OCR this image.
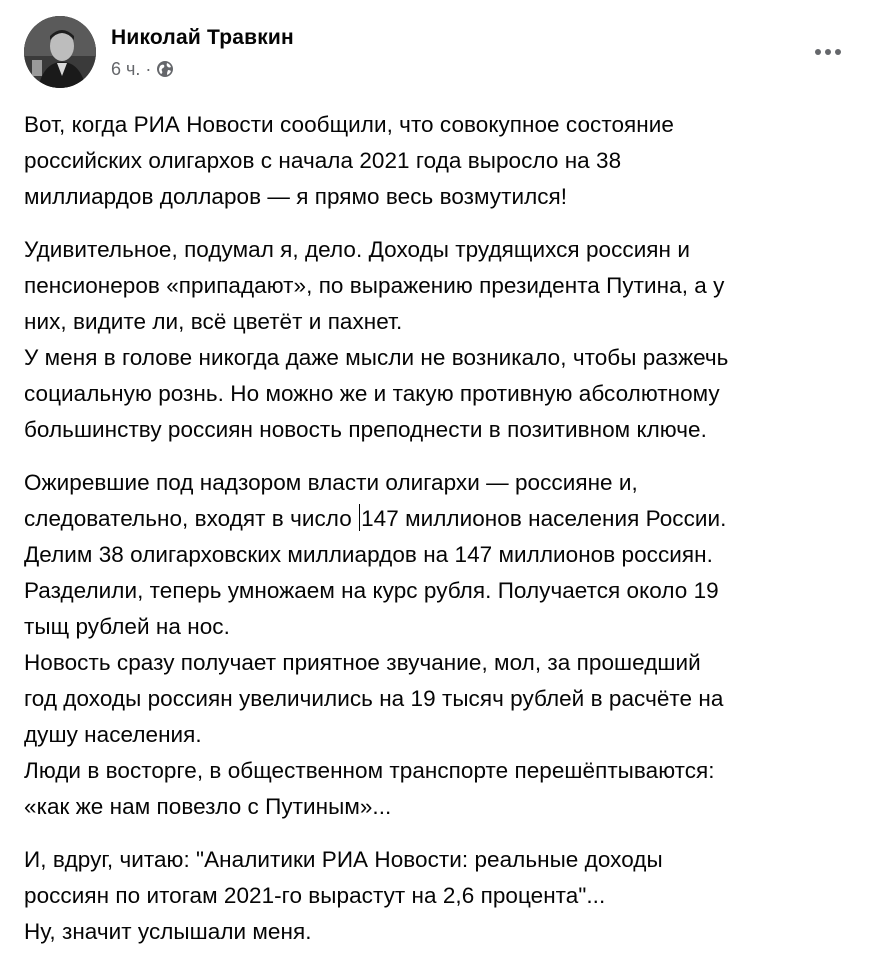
Николай Травкин
6 ч. ·
Вот, когда РИА Новости сообщили, что совокупное состояние
российских олигархов с начала 2021 года выросло на 38
миллиардов долларов — я прямо весь возмутился!
Удивительное, подумал я, дело. Доходы трудящихся россиян и
пенсионеров «припадают», по выражению президента Путина, а у
них, видите ли, всё цветёт и пахнет.
У меня в голове никогда даже мысли не возникало, чтобы разжечь
социальную рознь. Но можно же и такую противную абсолютному
большинству россиян новость преподнести в позитивном ключе.
Ожиревшие под надзором власти олигархи — россияне и,
следовательно, входят в число 147 миллионов населения России.
Делим 38 олигарховских миллиардов на 147 миллионов россиян.
Разделили, теперь умножаем на курс рубля. Получается около 19
тыщ рублей на нос.
Новость сразу получает приятное звучание, мол, за прошедший
год доходы россиян увеличились на 19 тысяч рублей в расчёте на
душу населения.
Люди в восторге, в общественном транспорте перешёптываются:
«как же нам повезло с Путиным»...
И, вдруг, читаю: "Аналитики РИА Новости: реальные доходы
россиян по итогам 2021-го вырастут на 2,6 процента"...
Ну, значит услышали меня.
